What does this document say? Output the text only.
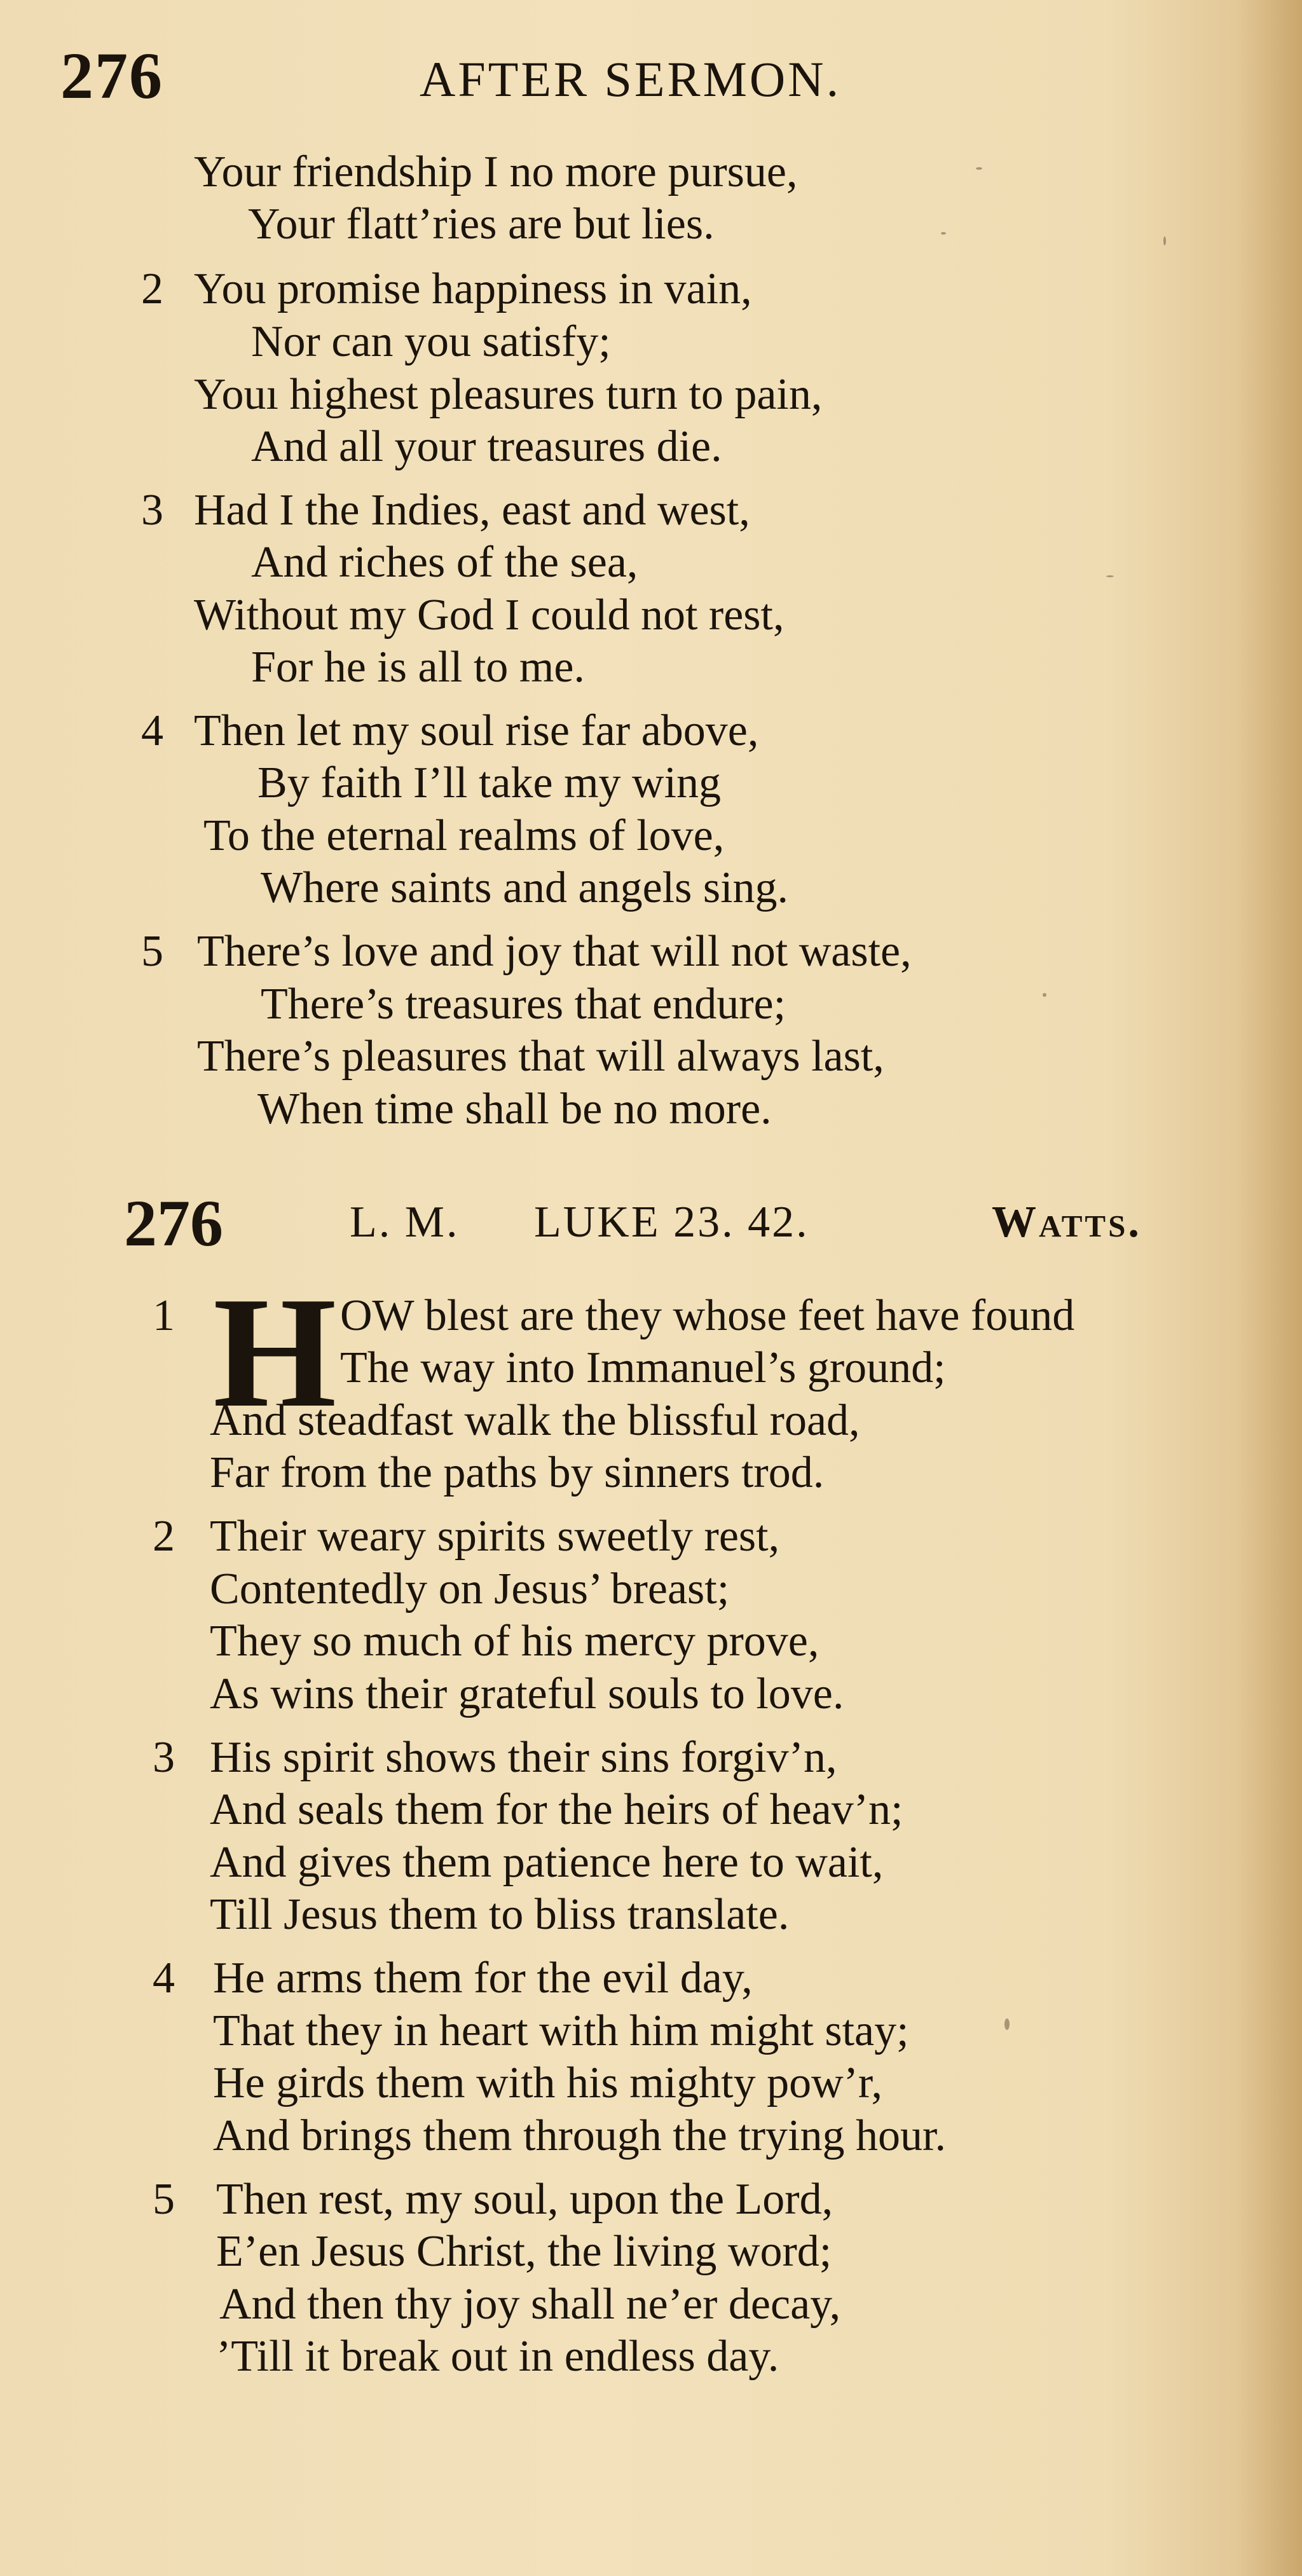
276	AFTER SERMON.
Your friendship I no more pursue,
Your flatt’ries are but lies.
2 You promise happiness in vain,
Nor can you satisfy;
Youı highest pleasures turn to pain,
And all your treasures die.
3 Had I the Indies, east and west,
And riches of the sea,
Without my God I could not rest,
For he is all to me.
4 Then let my soul rise far above,
By faith I’ll take my wing
To the eternal realms of love,
Where saints and angels sing.
5 There’s love and joy that will not waste,
There’s treasures that endure;
There’s pleasures that will always last,
When time shall be no more.
276	L. M. LUKE 23. 42.	Watts.
1 H OW blest are they whose feet have found
The way into Immanuel’s ground;
And steadfast walk the blissful road,
Far from the paths by sinners trod.
2 Their weary spirits sweetly rest,
Contentedly on Jesus’ breast;
They so much of his mercy prove,
As wins their grateful souls to love.
3 His spirit shows their sins forgiv’n,
And seals them for the heirs of heav’n;
And gives them patience here to wait,
Till Jesus them to bliss translate.
4 He arms them for the evil day,
That they in heart with him might stay;
He girds them with his mighty pow’r,
And brings them through the trying hour.
5 Then rest, my soul, upon the Lord,
E’en Jesus Christ, the living word;
And then thy joy shall ne’er decay,
’Till it break out in endless day.
